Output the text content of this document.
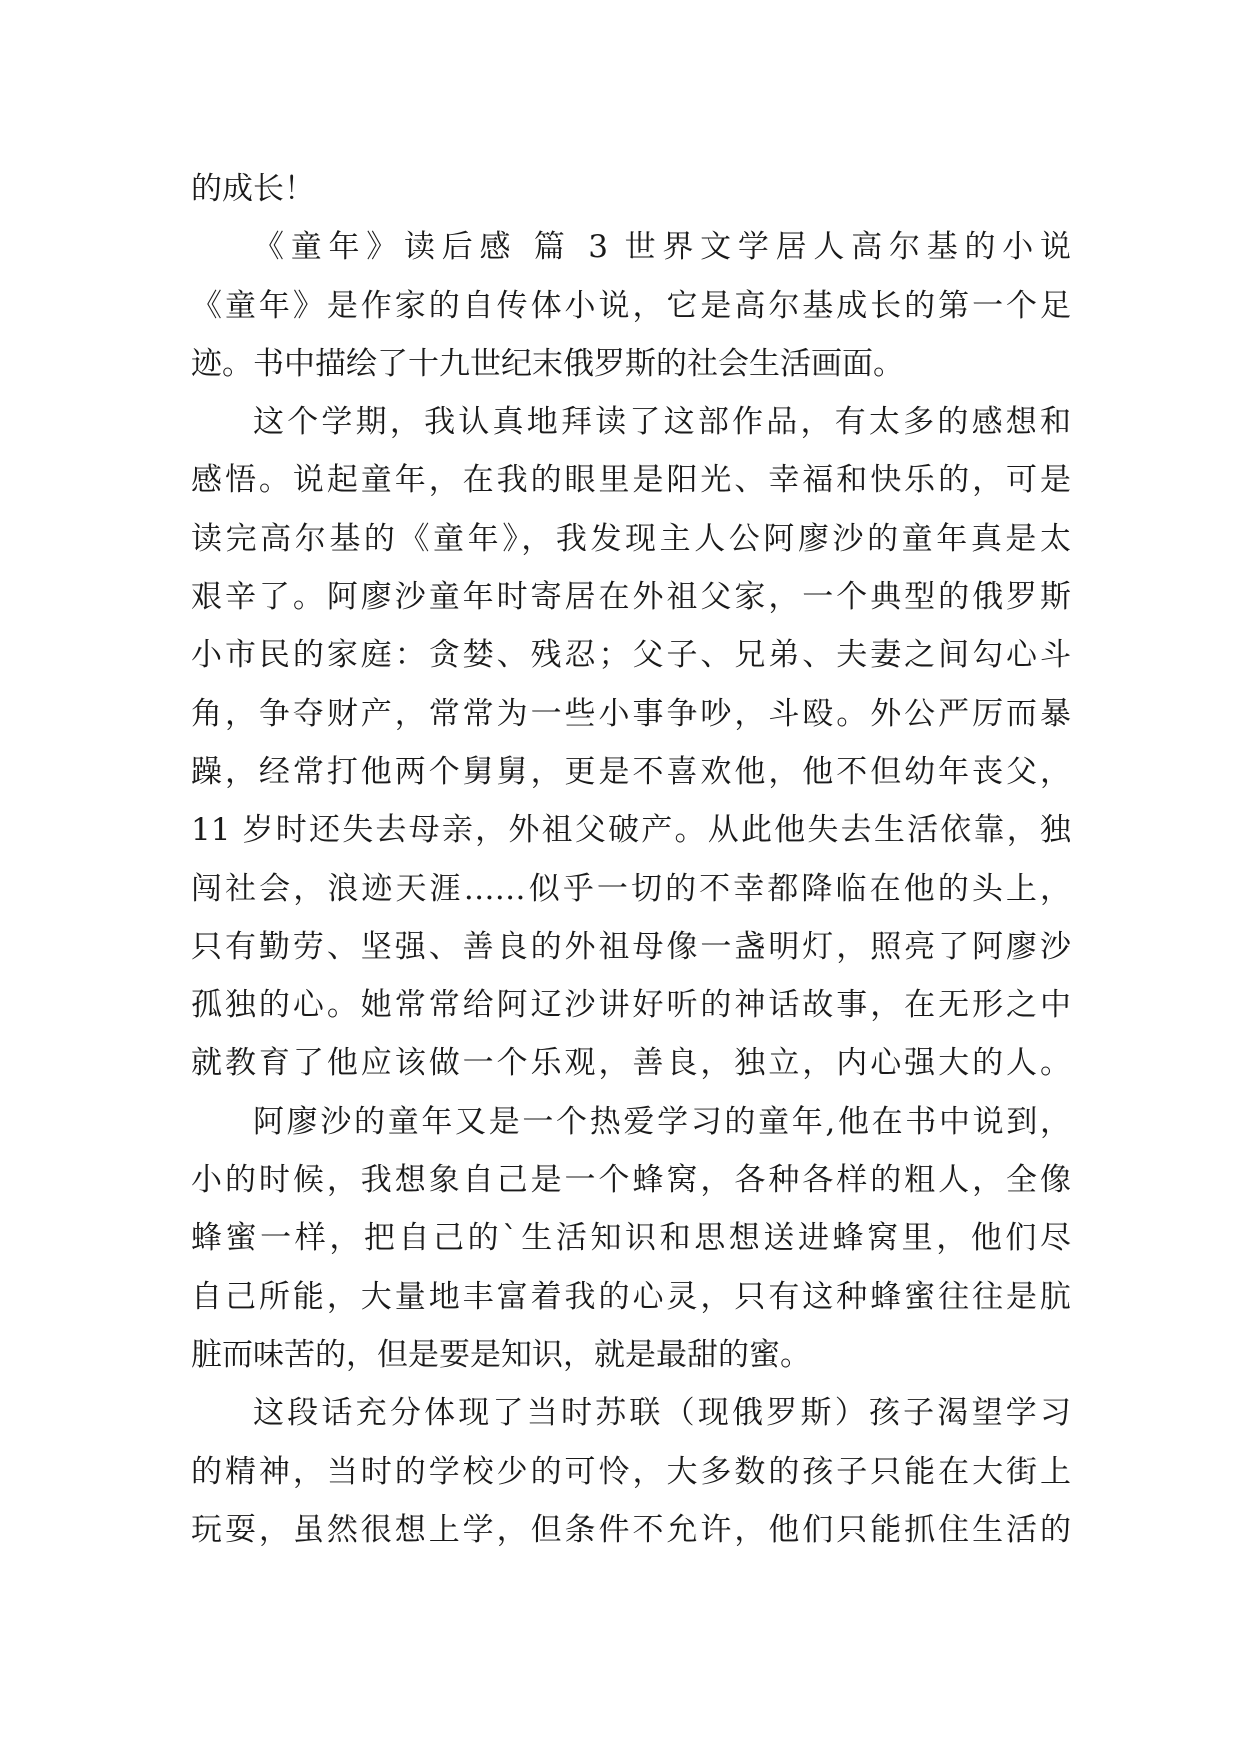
的成长！
《童年》读后感 篇 3 世界文学居人高尔基的小说
《童年》是作家的自传体小说，它是高尔基成长的第一个足
迹。书中描绘了十九世纪末俄罗斯的社会生活画面。
这个学期，我认真地拜读了这部作品，有太多的感想和
感悟。说起童年，在我的眼里是阳光、幸福和快乐的，可是
读完高尔基的《童年》，我发现主人公阿廖沙的童年真是太
艰辛了。阿廖沙童年时寄居在外祖父家，一个典型的俄罗斯
小市民的家庭：贪婪、残忍；父子、兄弟、夫妻之间勾心斗
角，争夺财产，常常为一些小事争吵，斗殴。外公严厉而暴
躁，经常打他两个舅舅，更是不喜欢他，他不但幼年丧父，
11 岁时还失去母亲，外祖父破产。从此他失去生活依靠，独
闯社会，浪迹天涯……似乎一切的不幸都降临在他的头上，
只有勤劳、坚强、善良的外祖母像一盏明灯，照亮了阿廖沙
孤独的心。她常常给阿辽沙讲好听的神话故事，在无形之中
就教育了他应该做一个乐观，善良，独立，内心强大的人。
阿廖沙的童年又是一个热爱学习的童年,他在书中说到，
小的时候，我想象自己是一个蜂窝，各种各样的粗人，全像
蜂蜜一样，把自己的`生活知识和思想送进蜂窝里，他们尽
自己所能，大量地丰富着我的心灵，只有这种蜂蜜往往是肮
脏而味苦的，但是要是知识，就是最甜的蜜。
这段话充分体现了当时苏联（现俄罗斯）孩子渴望学习
的精神，当时的学校少的可怜，大多数的孩子只能在大街上
玩耍，虽然很想上学，但条件不允许，他们只能抓住生活的
